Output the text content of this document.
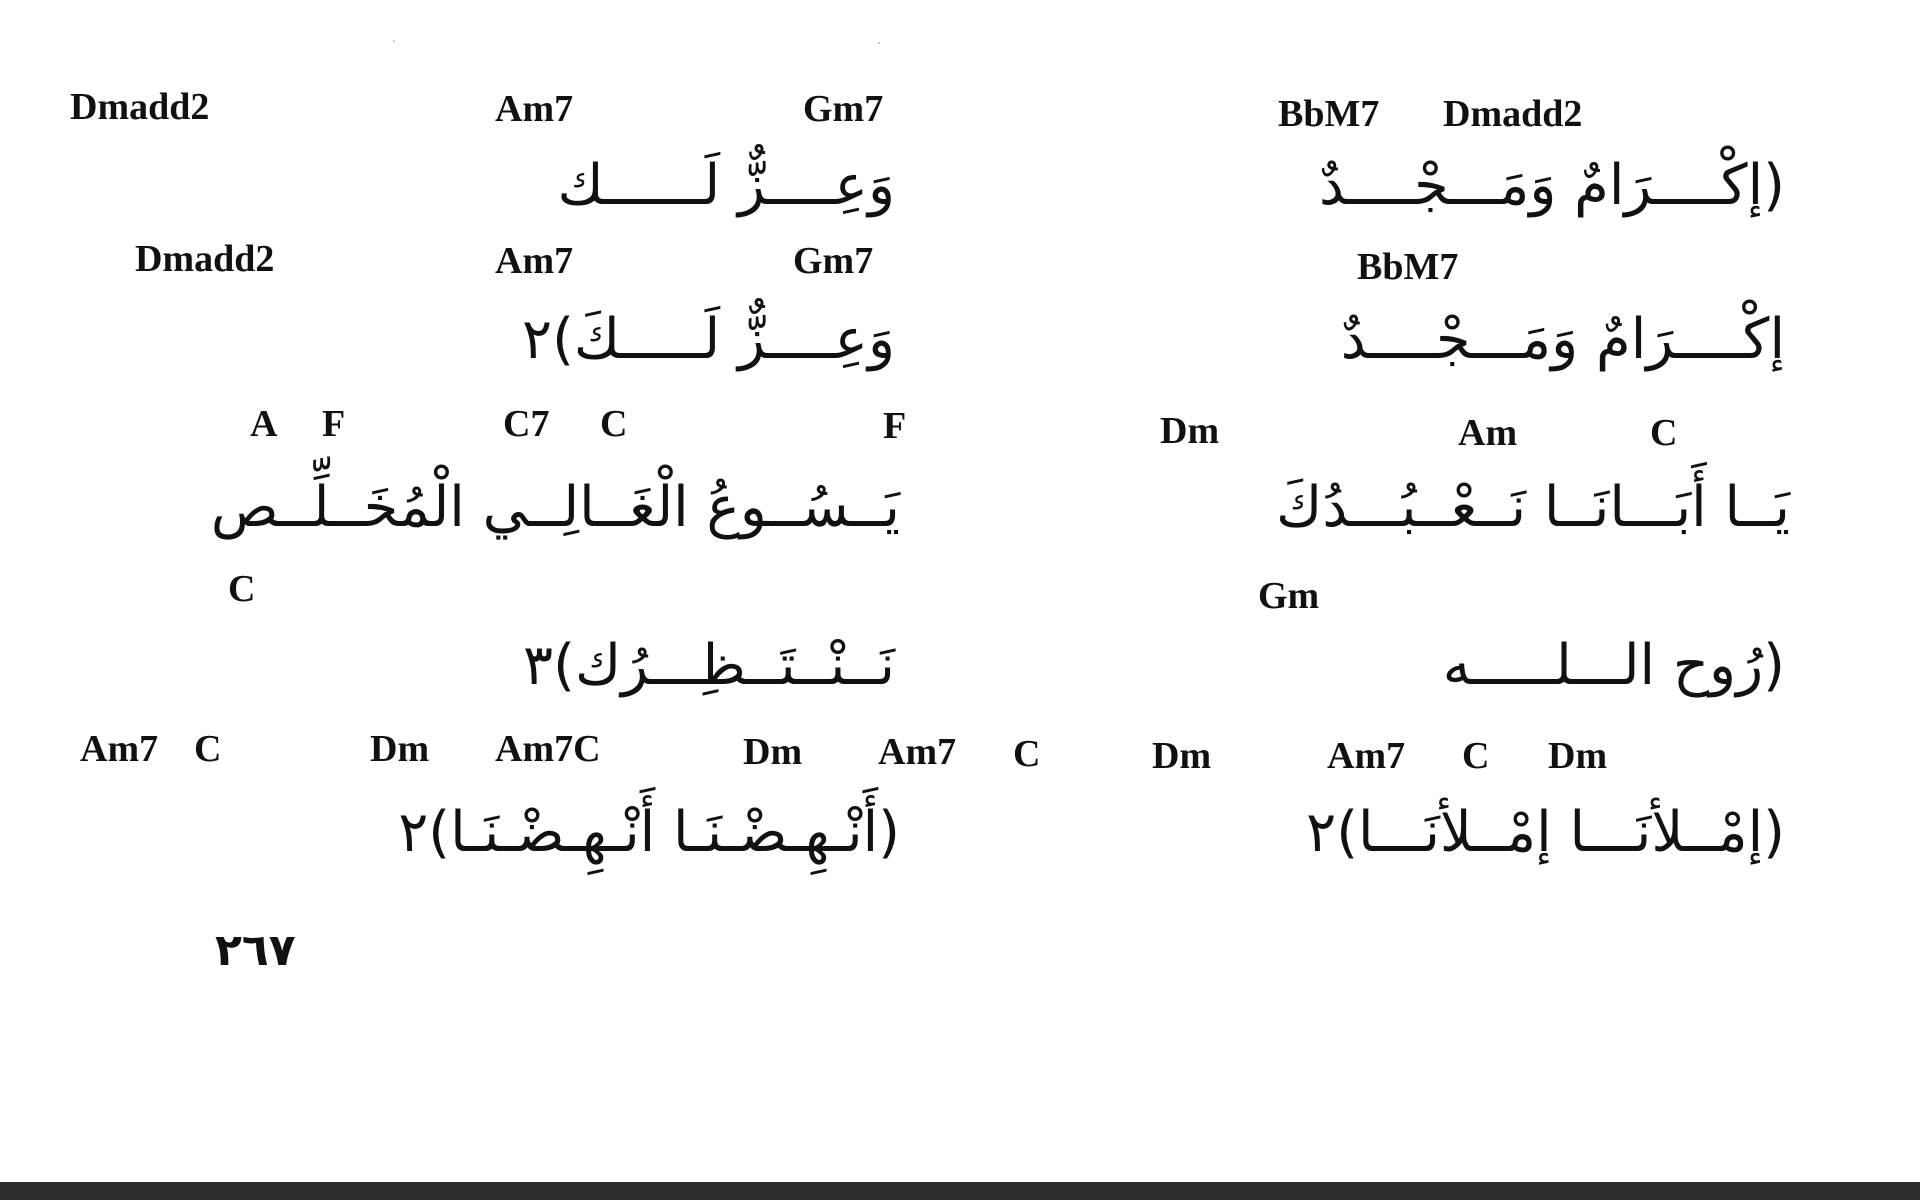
Dmadd2	Am7	Gm7	BbM7 Dmadd2
وَعِــــزٌّ لَــــــك	(إكْــــرَامٌ وَمَـــجْــــدٌ
Dmadd2	Am7	Gm7	BbM7
وَعِــــزٌّ لَـــــكَ)٢	إكْــــرَامٌ وَمَـــجْــــدٌ
A F	C7 C	F	Dm	Am	C
يَــسُــوعُ الْغَــالِــي الْمُخَــلِّــص	يَــا أَبَـــانَــا نَــعْــبُـــدُكَ
C	Gm
نَــنْــتَــظِـــرُك)٣	(رُوح الـــلـــــه
Am7 C	Dm Am7C	Dm Am7 C	Dm	Am7 C Dm
(أَنْـهِـضْـنَـا أَنْـهِـضْـنَـا)٢	(إمْــلأنَـــا إمْــلأنَـــا)٢
٢٦٧
